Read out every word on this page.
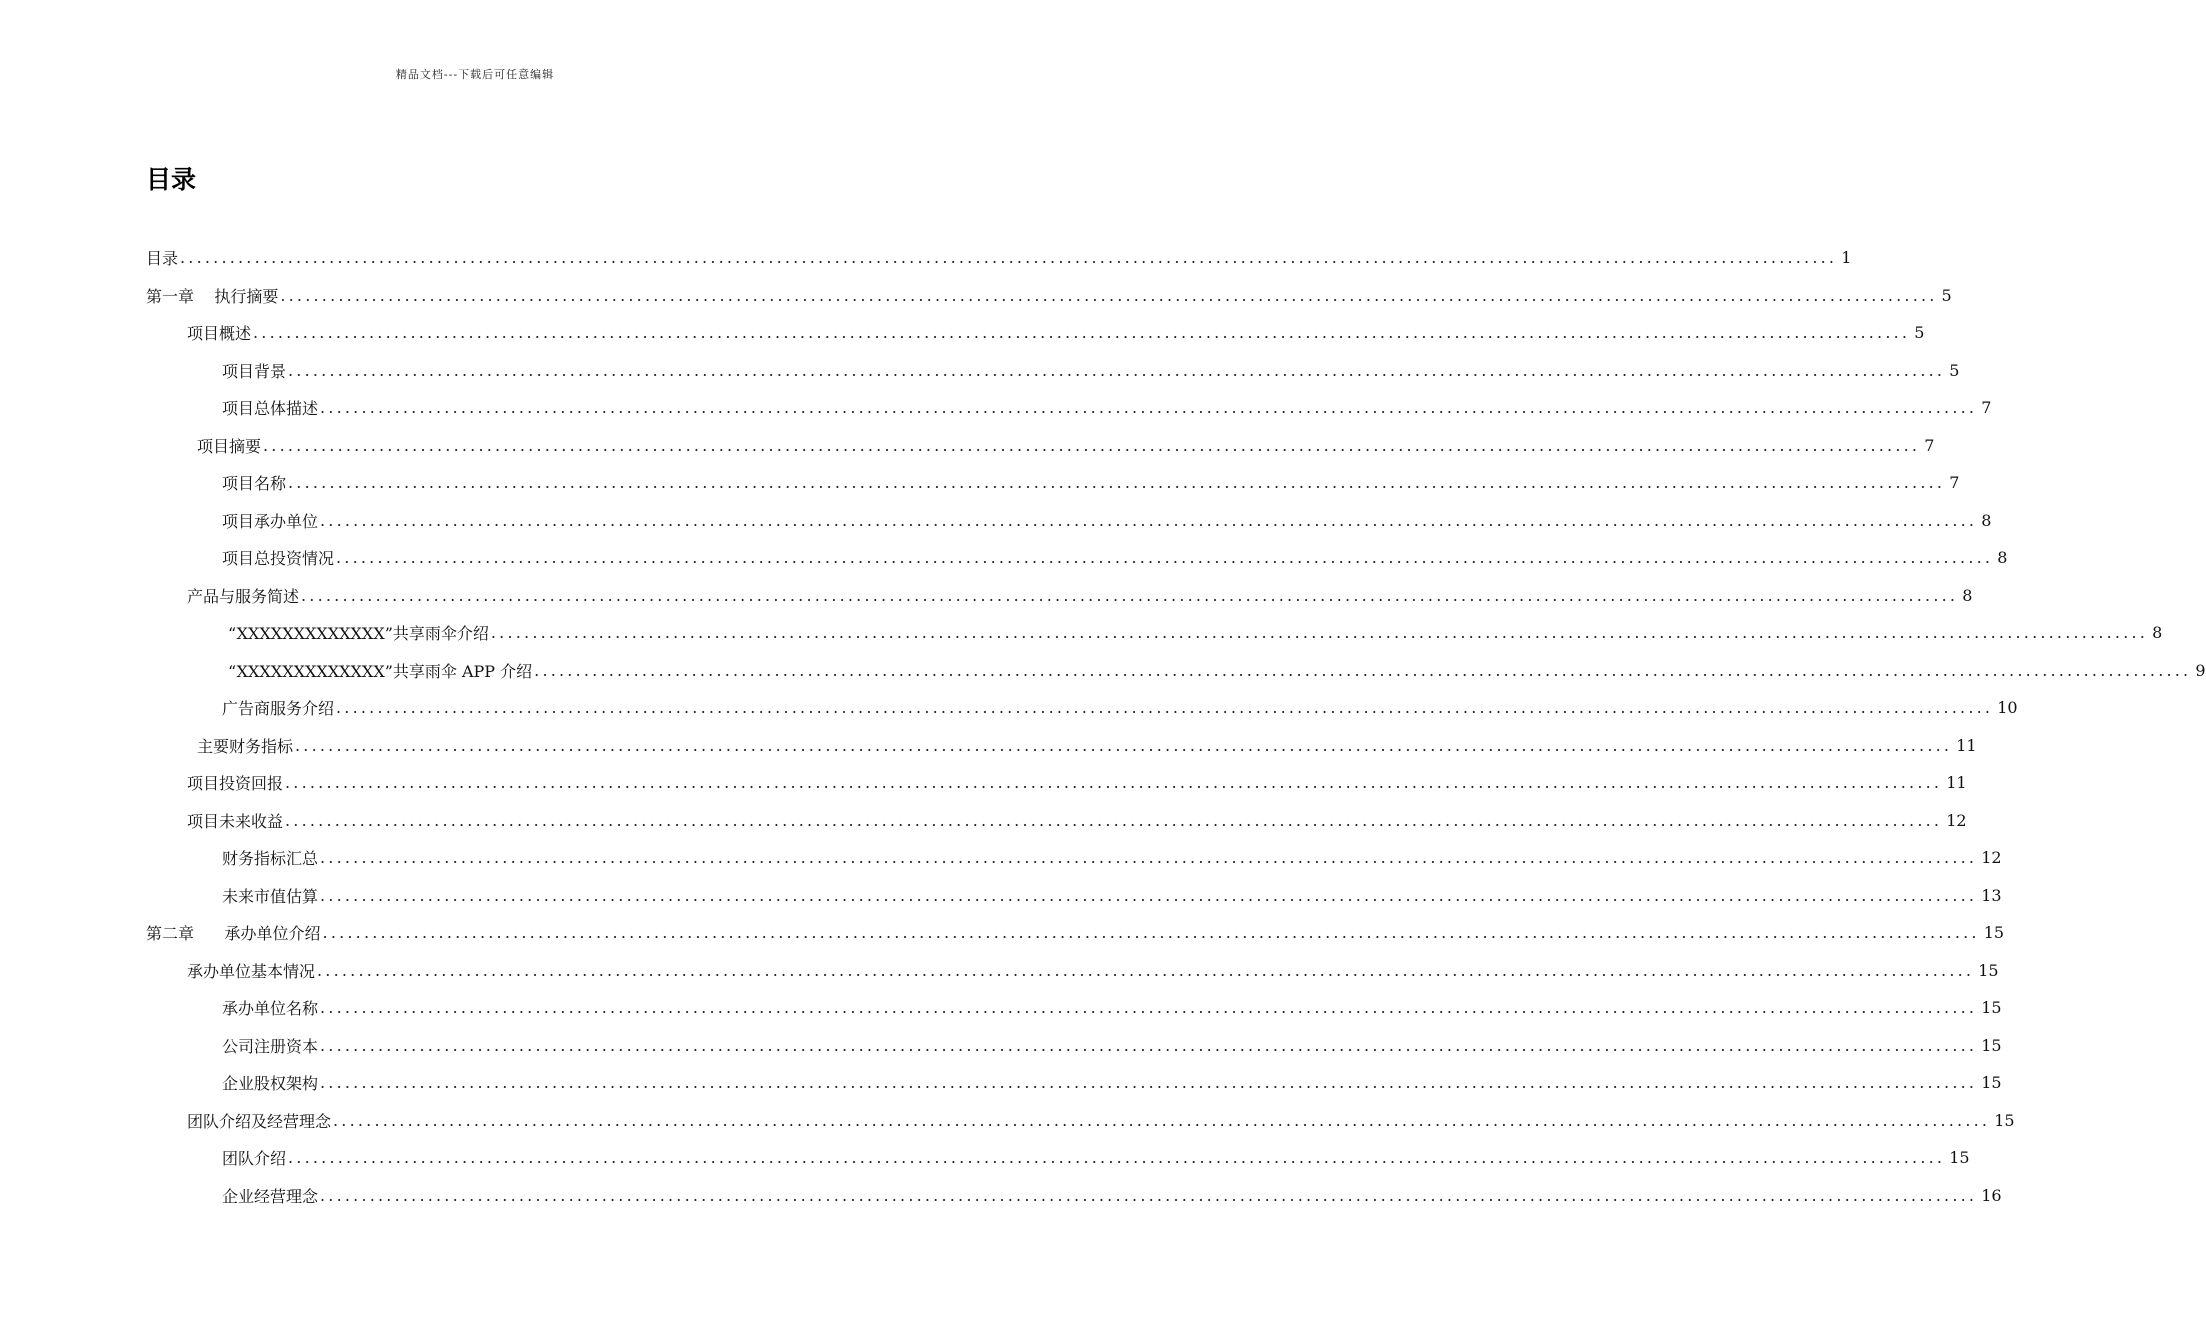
精品文档---下载后可任意编辑
目录
目录 ........................................................................................................................................................................................................ 1
第一章    执行摘要 ........................................................................................................................................................................................................ 5
项目概述 ........................................................................................................................................................................................................ 5
项目背景 ........................................................................................................................................................................................................ 5
项目总体描述 ........................................................................................................................................................................................................ 7
项目摘要 ........................................................................................................................................................................................................ 7
项目名称 ........................................................................................................................................................................................................ 7
项目承办单位 ........................................................................................................................................................................................................ 8
项目总投资情况 ........................................................................................................................................................................................................ 8
产品与服务简述 ........................................................................................................................................................................................................ 8
“XXXXXXXXXXXXX”共享雨伞介绍 ........................................................................................................................................................................................................ 8
“XXXXXXXXXXXXX”共享雨伞 APP 介绍 ........................................................................................................................................................................................................ 9
广告商服务介绍 ........................................................................................................................................................................................................ 10
主要财务指标 ........................................................................................................................................................................................................ 11
项目投资回报 ........................................................................................................................................................................................................ 11
项目未来收益 ........................................................................................................................................................................................................ 12
财务指标汇总 ........................................................................................................................................................................................................ 12
未来市值估算 ........................................................................................................................................................................................................ 13
第二章      承办单位介绍 ........................................................................................................................................................................................................ 15
承办单位基本情况 ........................................................................................................................................................................................................ 15
承办单位名称 ........................................................................................................................................................................................................ 15
公司注册资本 ........................................................................................................................................................................................................ 15
企业股权架构 ........................................................................................................................................................................................................ 15
团队介绍及经营理念 ........................................................................................................................................................................................................ 15
团队介绍 ........................................................................................................................................................................................................ 15
企业经营理念 ........................................................................................................................................................................................................ 16
